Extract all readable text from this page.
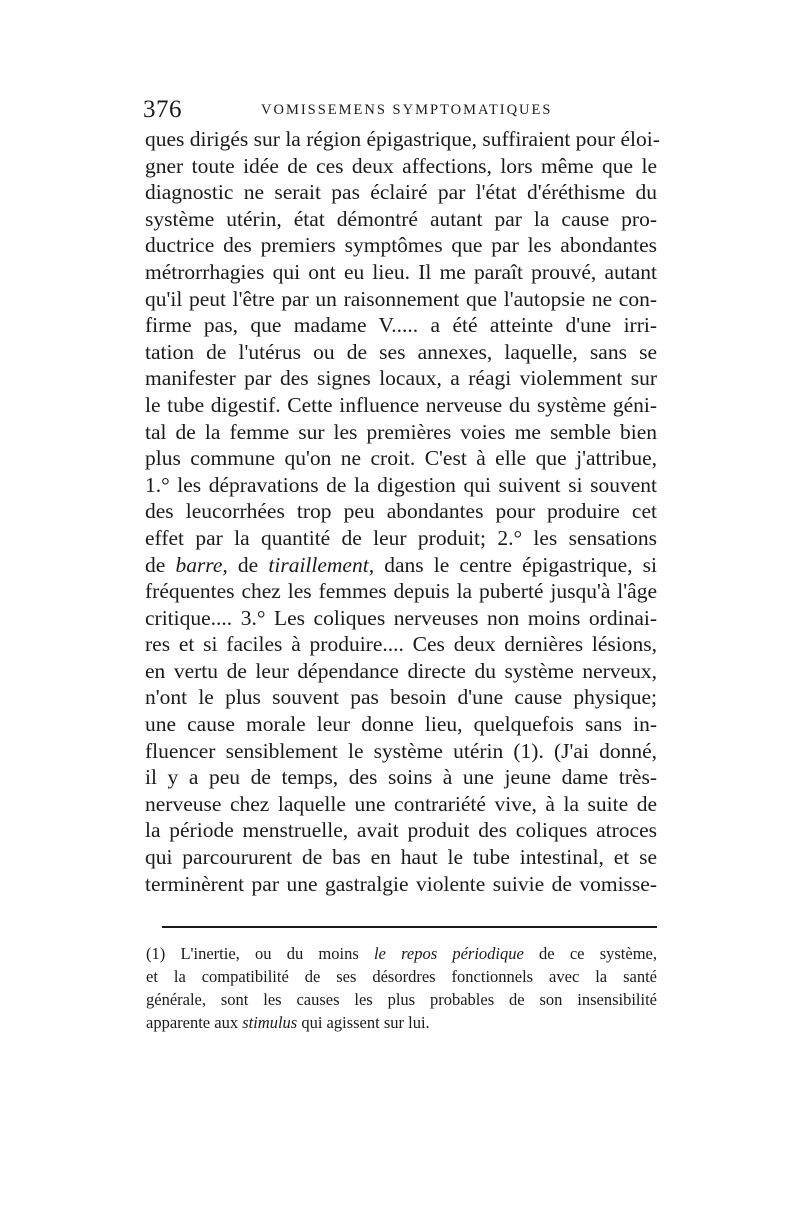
376	VOMISSEMENS SYMPTOMATIQUES
ques dirigés sur la région épigastrique, suffiraient pour éloi-
gner toute idée de ces deux affections, lors même que le
diagnostic ne serait pas éclairé par l'état d'éréthisme du
système utérin, état démontré autant par la cause pro-
ductrice des premiers symptômes que par les abondantes
métrorrhagies qui ont eu lieu. Il me paraît prouvé, autant
qu'il peut l'être par un raisonnement que l'autopsie ne con-
firme pas, que madame V..... a été atteinte d'une irri-
tation de l'utérus ou de ses annexes, laquelle, sans se
manifester par des signes locaux, a réagi violemment sur
le tube digestif. Cette influence nerveuse du système géni-
tal de la femme sur les premières voies me semble bien
plus commune qu'on ne croit. C'est à elle que j'attribue,
1.° les dépravations de la digestion qui suivent si souvent
des leucorrhées trop peu abondantes pour produire cet
effet par la quantité de leur produit; 2.° les sensations
de barre, de tiraillement, dans le centre épigastrique, si
fréquentes chez les femmes depuis la puberté jusqu'à l'âge
critique.... 3.° Les coliques nerveuses non moins ordinai-
res et si faciles à produire.... Ces deux dernières lésions,
en vertu de leur dépendance directe du système nerveux,
n'ont le plus souvent pas besoin d'une cause physique;
une cause morale leur donne lieu, quelquefois sans in-
fluencer sensiblement le système utérin (1). (J'ai donné,
il y a peu de temps, des soins à une jeune dame très-
nerveuse chez laquelle une contrariété vive, à la suite de
la période menstruelle, avait produit des coliques atroces
qui parcoururent de bas en haut le tube intestinal, et se
terminèrent par une gastralgie violente suivie de vomisse-
(1) L'inertie, ou du moins le repos périodique de ce système,
et la compatibilité de ses désordres fonctionnels avec la santé
générale, sont les causes les plus probables de son insensibilité
apparente aux stimulus qui agissent sur lui.
